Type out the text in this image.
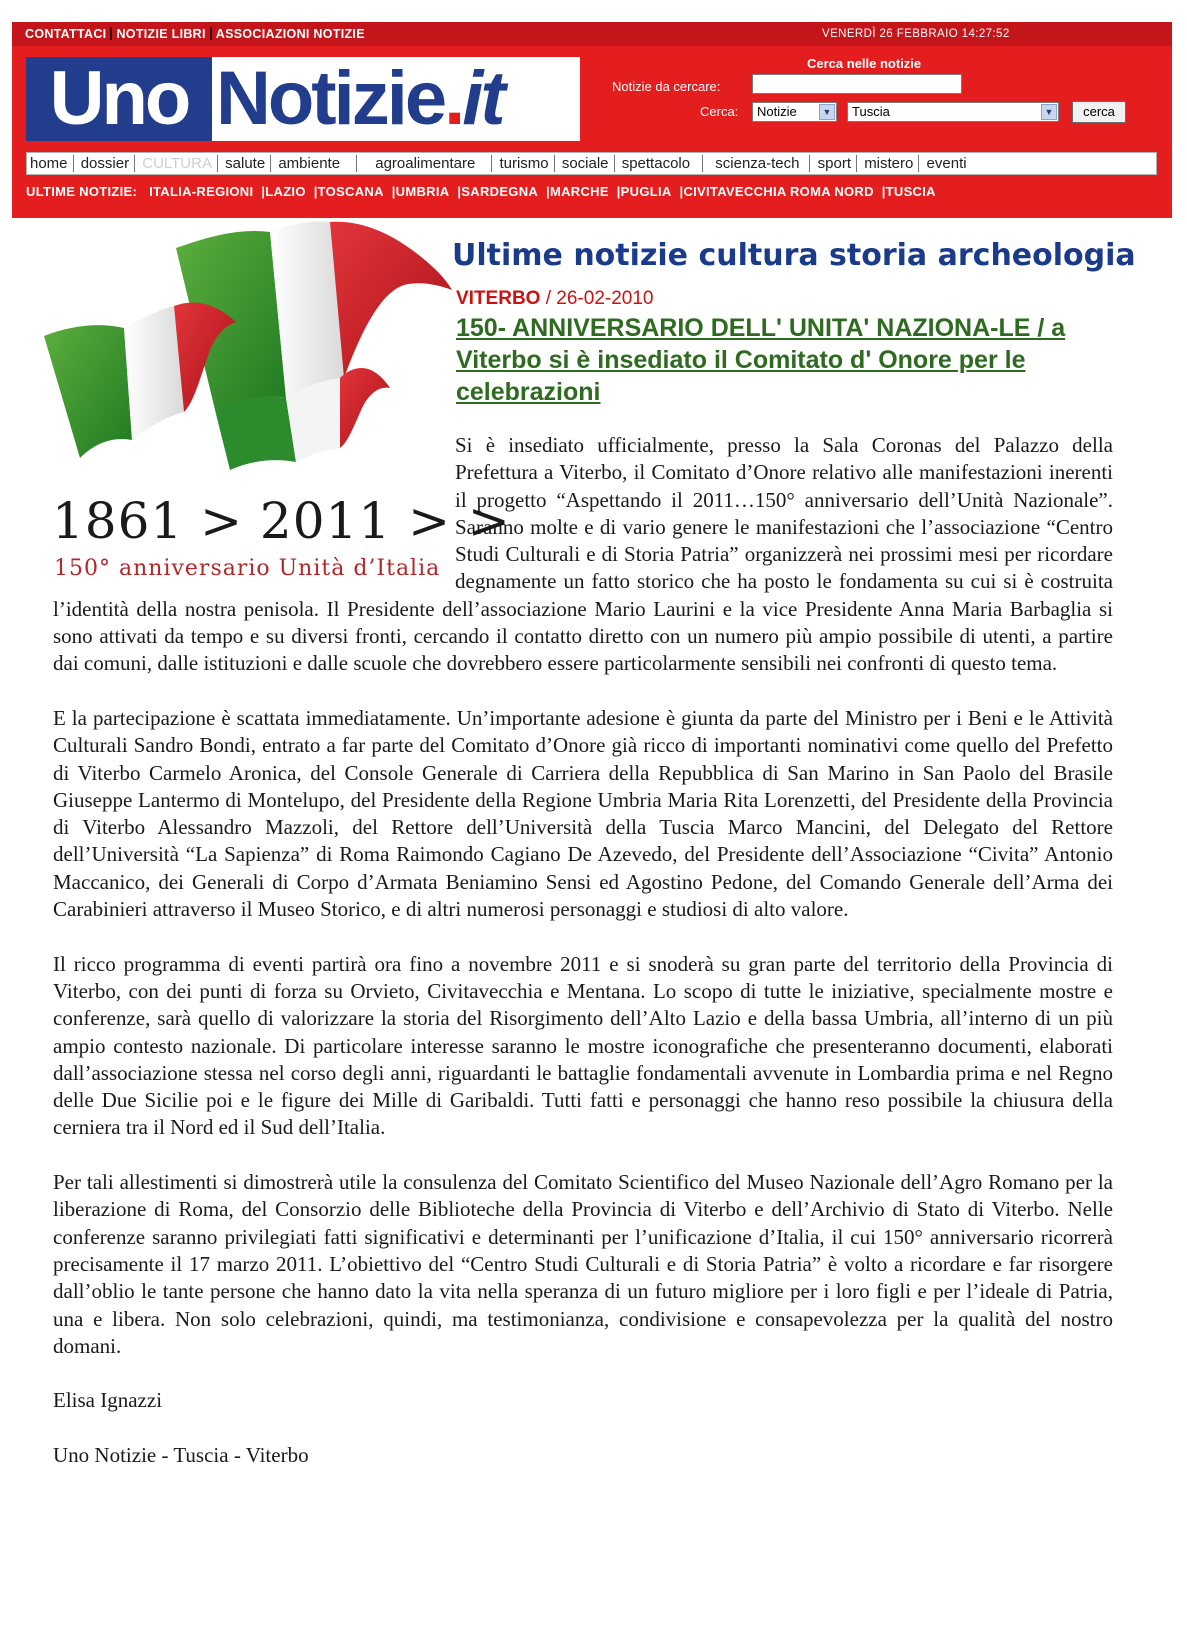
CONTATTACI NOTIZIE LIBRI ASSOCIAZIONI NOTIZIE	VENERDÌ 26 FEBBRAIO 14:27:52
Uno Notizie.it	Cerca nelle notizie
Notizie da cercare:
Cerca:	Notizie	▼	Tuscia	▼	cerca
home dossier CULTURA salute ambiente agroalimentare turismo sociale spettacolo scienza-tech sport mistero eventi
ULTIME NOTIZIE: ITALIA-REGIONI |LAZIO |TOSCANA |UMBRIA |SARDEGNA |MARCHE |PUGLIA |CIVITAVECCHIA ROMA NORD |TUSCIA
1861 > 2011 > >
150° anniversario Unità d’Italia
Ultime notizie cultura storia archeologia
VITERBO / 26-02-2010
150- ANNIVERSARIO DELL' UNITA' NAZIONA-LE / a Viterbo si è insediato il Comitato d' Onore per le celebrazioni

Si è insediato ufficialmente, presso la Sala Coronas del Palazzo della Prefettura a Viterbo, il Comitato d’Onore relativo alle manifestazioni inerenti il progetto “Aspettando il 2011…150° anniversario dell’Unità Nazionale”. Saranno molte e di vario genere le manifestazioni che l’associazione “Centro Studi Culturali e di Storia Patria” organizzerà nei prossimi mesi per ricordare degnamente un fatto storico che ha posto le fondamenta su cui si è costruita l’identità della nostra penisola. Il Presidente dell’associazione Mario Laurini e la vice Presidente Anna Maria Barbaglia si sono attivati da tempo e su diversi fronti, cercando il contatto diretto con un numero più ampio possibile di utenti, a partire dai comuni, dalle istituzioni e dalle scuole che dovrebbero essere particolarmente sensibili nei confronti di questo tema.

E la partecipazione è scattata immediatamente. Un’importante adesione è giunta da parte del Ministro per i Beni e le Attività Culturali Sandro Bondi, entrato a far parte del Comitato d’Onore già ricco di importanti nominativi come quello del Prefetto di Viterbo Carmelo Aronica, del Console Generale di Carriera della Repubblica di San Marino in San Paolo del Brasile Giuseppe Lantermo di Montelupo, del Presidente della Regione Umbria Maria Rita Lorenzetti, del Presidente della Provincia di Viterbo Alessandro Mazzoli, del Rettore dell’Università della Tuscia Marco Mancini, del Delegato del Rettore dell’Università “La Sapienza” di Roma Raimondo Cagiano De Azevedo, del Presidente dell’Associazione “Civita” Antonio Maccanico, dei Generali di Corpo d’Armata Beniamino Sensi ed Agostino Pedone, del Comando Generale dell’Arma dei Carabinieri attraverso il Museo Storico, e di altri numerosi personaggi e studiosi di alto valore.

Il ricco programma di eventi partirà ora fino a novembre 2011 e si snoderà su gran parte del territorio della Provincia di Viterbo, con dei punti di forza su Orvieto, Civitavecchia e Mentana. Lo scopo di tutte le iniziative, specialmente mostre e conferenze, sarà quello di valorizzare la storia del Risorgimento dell’Alto Lazio e della bassa Umbria, all’interno di un più ampio contesto nazionale. Di particolare interesse saranno le mostre iconografiche che presenteranno documenti, elaborati dall’associazione stessa nel corso degli anni, riguardanti le battaglie fondamentali avvenute in Lombardia prima e nel Regno delle Due Sicilie poi e le figure dei Mille di Garibaldi. Tutti fatti e personaggi che hanno reso possibile la chiusura della cerniera tra il Nord ed il Sud dell’Italia.

Per tali allestimenti si dimostrerà utile la consulenza del Comitato Scientifico del Museo Nazionale dell’Agro Romano per la liberazione di Roma, del Consorzio delle Biblioteche della Provincia di Viterbo e dell’Archivio di Stato di Viterbo. Nelle conferenze saranno privilegiati fatti significativi e determinanti per l’unificazione d’Italia, il cui 150° anniversario ricorrerà precisamente il 17 marzo 2011. L’obiettivo del “Centro Studi Culturali e di Storia Patria” è volto a ricordare e far risorgere dall’oblio le tante persone che hanno dato la vita nella speranza di un futuro migliore per i loro figli e per l’ideale di Patria, una e libera. Non solo celebrazioni, quindi, ma testimonianza, condivisione e consapevolezza per la qualità del nostro domani.

Elisa Ignazzi
Uno Notizie - Tuscia - Viterbo
